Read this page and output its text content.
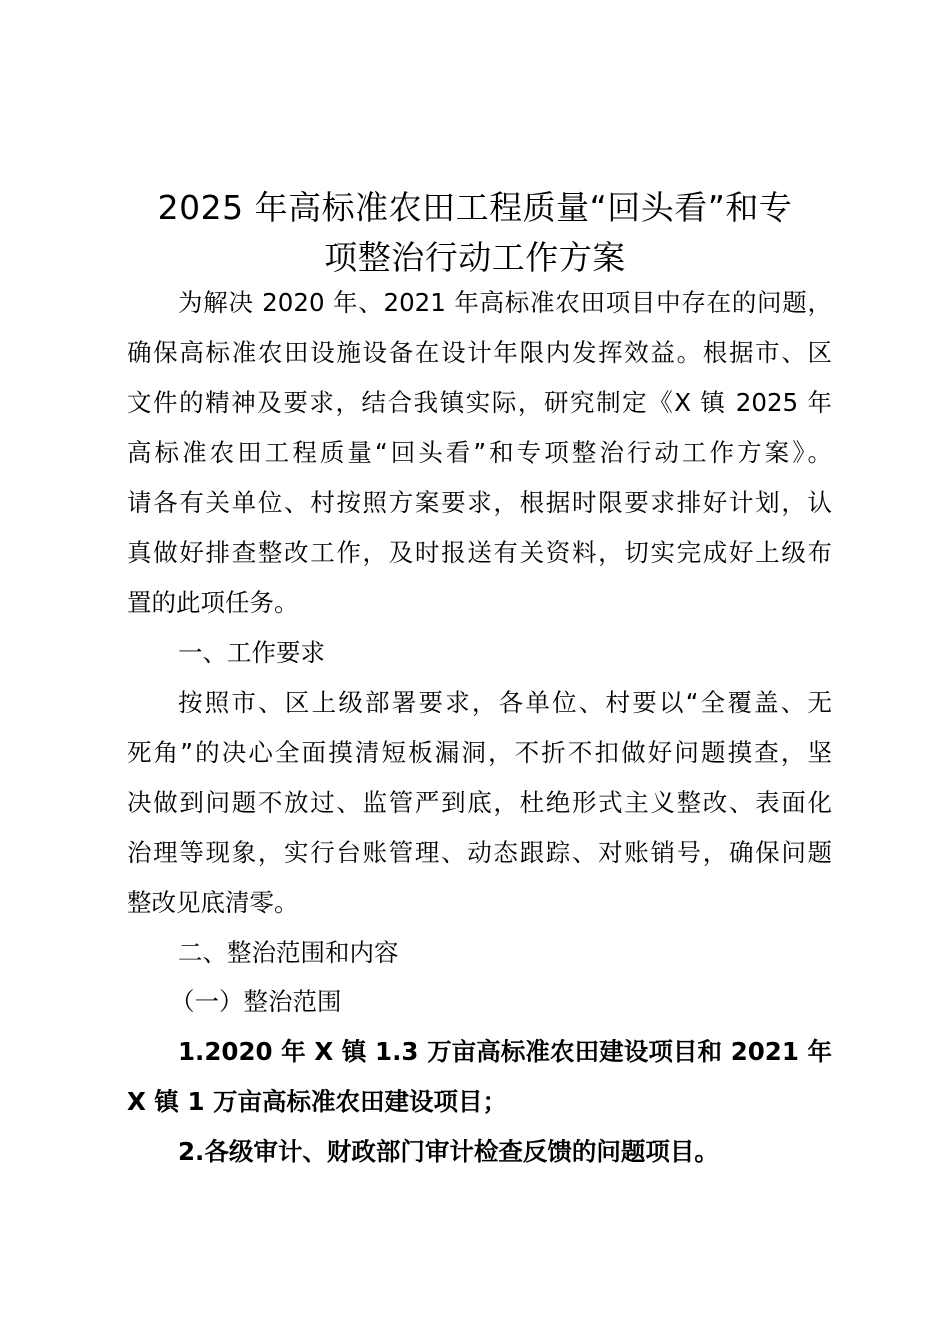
2025 年高标准农田工程质量“回头看”和专
项整治行动工作方案

为解决 2020 年、2021 年高标准农田项目中存在的问题，

确保高标准农田设施设备在设计年限内发挥效益。根据市、区

文件的精神及要求，结合我镇实际，研究制定《X 镇 2025 年

高标准农田工程质量“回头看”和专项整治行动工作方案》。

请各有关单位、村按照方案要求，根据时限要求排好计划，认

真做好排查整改工作，及时报送有关资料，切实完成好上级布

置的此项任务。

一、工作要求

按照市、区上级部署要求，各单位、村要以“全覆盖、无

死角”的决心全面摸清短板漏洞，不折不扣做好问题摸查，坚

决做到问题不放过、监管严到底，杜绝形式主义整改、表面化

治理等现象，实行台账管理、动态跟踪、对账销号，确保问题

整改见底清零。

二、整治范围和内容

（一）整治范围

1.2020 年 X 镇 1.3 万亩高标准农田建设项目和 2021 年

X 镇 1 万亩高标准农田建设项目；

2.各级审计、财政部门审计检查反馈的问题项目。
